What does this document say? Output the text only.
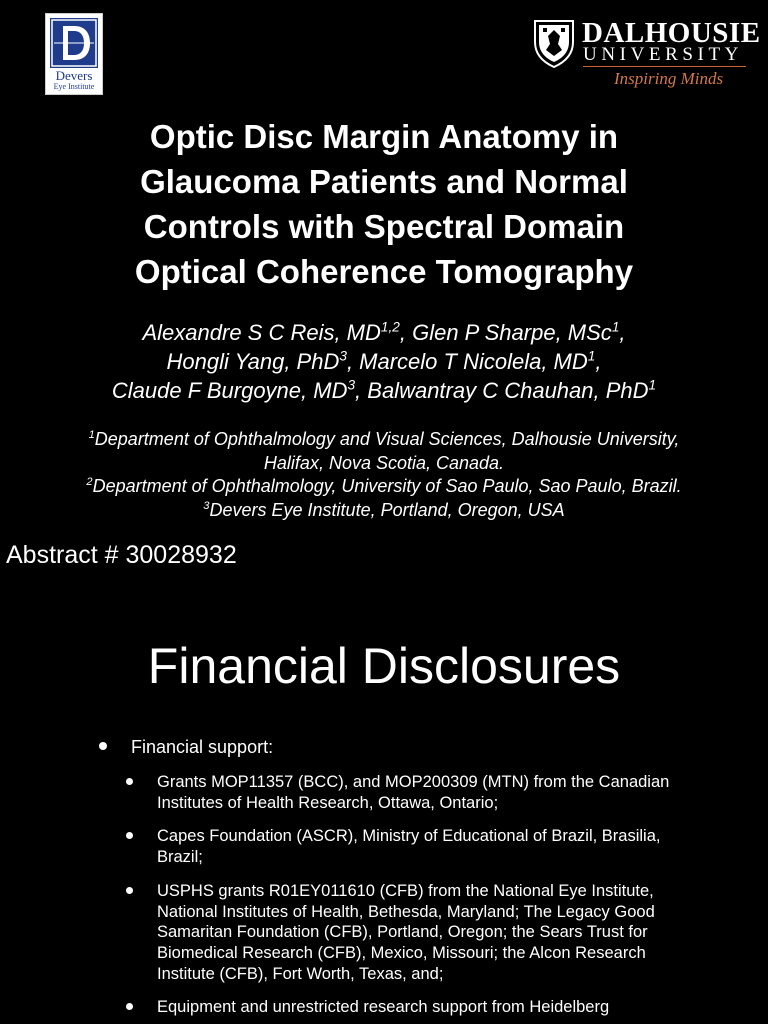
Devers
Eye Institute
DALHOUSIE
UNIVERSITY
Inspiring Minds
Optic Disc Margin Anatomy in
Glaucoma Patients and Normal
Controls with Spectral Domain
Optical Coherence Tomography
Alexandre S C Reis, MD$^{1,2}$, Glen P Sharpe, MSc$^1$,
Hongli Yang, PhD$^3$, Marcelo T Nicolela, $MD^1$,
Claude F Burgoyne, $MD^3$, Balwantray C Chauhan, PhD$^1$
$^1$Department of Ophthalmology and Visual Sciences, Dalhousie University, Halifax, Nova Scotia, Canada.
$^2$Department of Ophthalmology, University of Sao Paulo, Sao Paulo, Brazil.
$^3$Devers Eye Institute, Portland, Oregon, USA
Abstract # 30028932
Financial Disclosures
Financial support:
Grants MOP11357 (BCC), and MOP200309 (MTN) from the Canadian Institutes of Health Research, Ottawa, Ontario;
Capes Foundation (ASCR), Ministry of Educational of Brazil, Brasilia, Brazil;
USPHS grants R01EY011610 (CFB) from the National Eye Institute, National Institutes of Health, Bethesda, Maryland; The Legacy Good Samaritan Foundation (CFB), Portland, Oregon; the Sears Trust for Biomedical Research (CFB), Mexico, Missouri; the Alcon Research Institute (CFB), Fort Worth, Texas, and;
Equipment and unrestricted research support from Heidelberg
